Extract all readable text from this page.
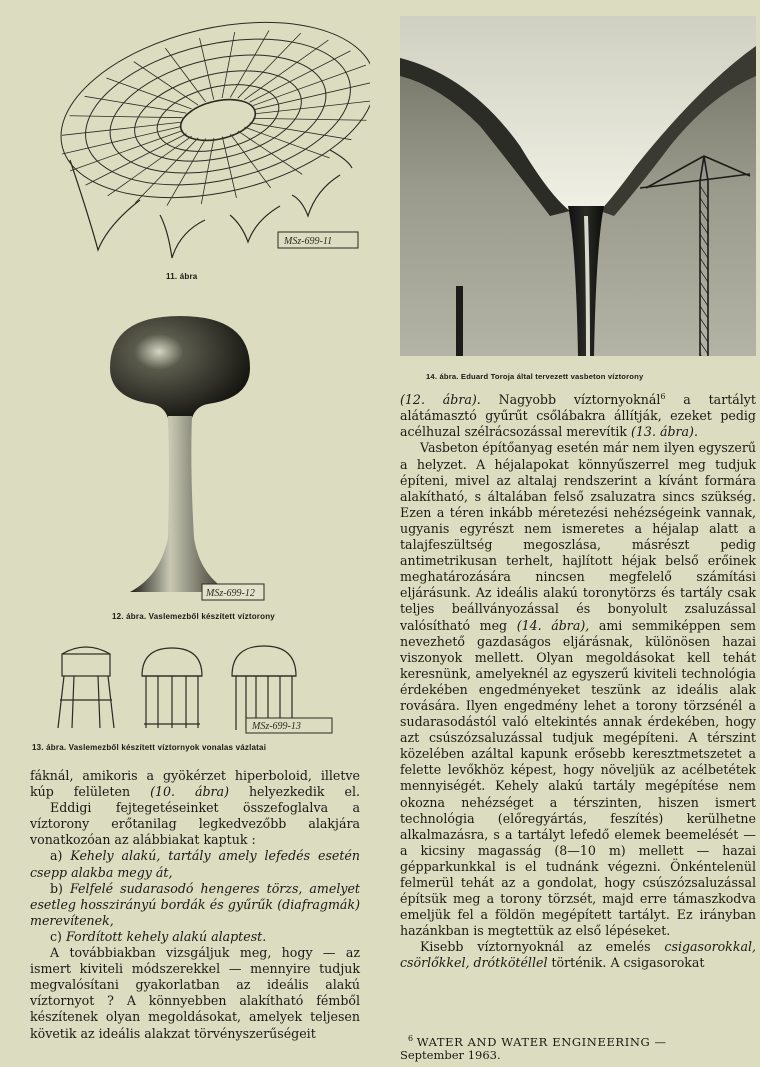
MSz-699-11
11. ábra
MSz-699-12
12. ábra. Vaslemezből készített víztorony
MSz-699-13
13. ábra. Vaslemezből készített víztornyok vonalas vázlatai
14. ábra. Eduard Toroja által tervezett vasbeton víztorony

fáknál, amikoris a gyökérzet hiperboloid, illetve kúp felületen (10. ábra) helyezkedik el.

Eddigi fejtegetéseinket összefoglalva a víztorony erőtanilag legkedvezőbb alakjára vonatkozóan az alábbiakat kaptuk :

a) Kehely alakú, tartály amely lefedés esetén csepp alakba megy át,

b) Felfelé sudarasodó hengeres törzs, amelyet esetleg hosszirányú bordák és gyűrűk (diafragmák) merevítenek,

c) Fordított kehely alakú alaptest.

A továbbiakban vizsgáljuk meg, hogy — az ismert kiviteli módszerekkel — mennyire tudjuk megvalósítani gyakorlatban az ideális alakú víztornyot ? A könnyebben alakítható fémből készítenek olyan megoldásokat, amelyek teljesen követik az ideális alakzat törvényszerűségeit

(12. ábra). Nagyobb víztornyoknál$^6$ a tartályt alátámasztó gyűrűt csőlábakra állítják, ezeket pedig acélhuzal szélrácsozással merevítik (13. ábra).

Vasbeton építőanyag esetén már nem ilyen egyszerű a helyzet. A héjalapokat könnyűszerrel meg tudjuk építeni, mivel az altalaj rendszerint a kívánt formára alakítható, s általában felső zsaluzatra sincs szükség. Ezen a téren inkább méretezési nehézségeink vannak, ugyanis egyrészt nem ismeretes a héjalap alatt a talajfeszültség megoszlása, másrészt pedig antimetrikusan terhelt, hajlított héjak belső erőinek meghatározására nincsen megfelelő számítási eljárásunk. Az ideális alakú toronytörzs és tartály csak teljes beállványozással és bonyolult zsaluzással valósítható meg (14. ábra), ami semmiképpen sem nevezhető gazdaságos eljárásnak, különösen hazai viszonyok mellett. Olyan megoldásokat kell tehát keresnünk, amelyeknél az egyszerű kiviteli technológia érdekében engedményeket teszünk az ideális alak rovására. Ilyen engedmény lehet a torony törzsénél a sudarasodástól való eltekintés annak érdekében, hogy azt csúszózsaluzással tudjuk megépíteni. A térszint közelében azáltal kapunk erősebb keresztmetszetet a felette levőkhöz képest, hogy növeljük az acélbetétek mennyiségét. Kehely alakú tartály megépítése nem okozna nehézséget a térszinten, hiszen ismert technológia (előregyártás, feszítés) kerülhetne alkalmazásra, s a tartályt lefedő elemek beemelését — a kicsiny magasság (8—10 m) mellett — hazai gépparkunkkal is el tudnánk végezni. Önkéntelenül felmerül tehát az a gondolat, hogy csúszózsaluzással építsük meg a torony törzsét, majd erre támaszkodva emeljük fel a földön megépített tartályt. Ez irányban hazánkban is megtettük az első lépéseket.

Kisebb víztornyoknál az emelés csigasorokkal, csörlőkkel, drótkötéllel történik. A csigasorokat

$^6$ WATER AND WATER ENGINEERING —
September 1963.
